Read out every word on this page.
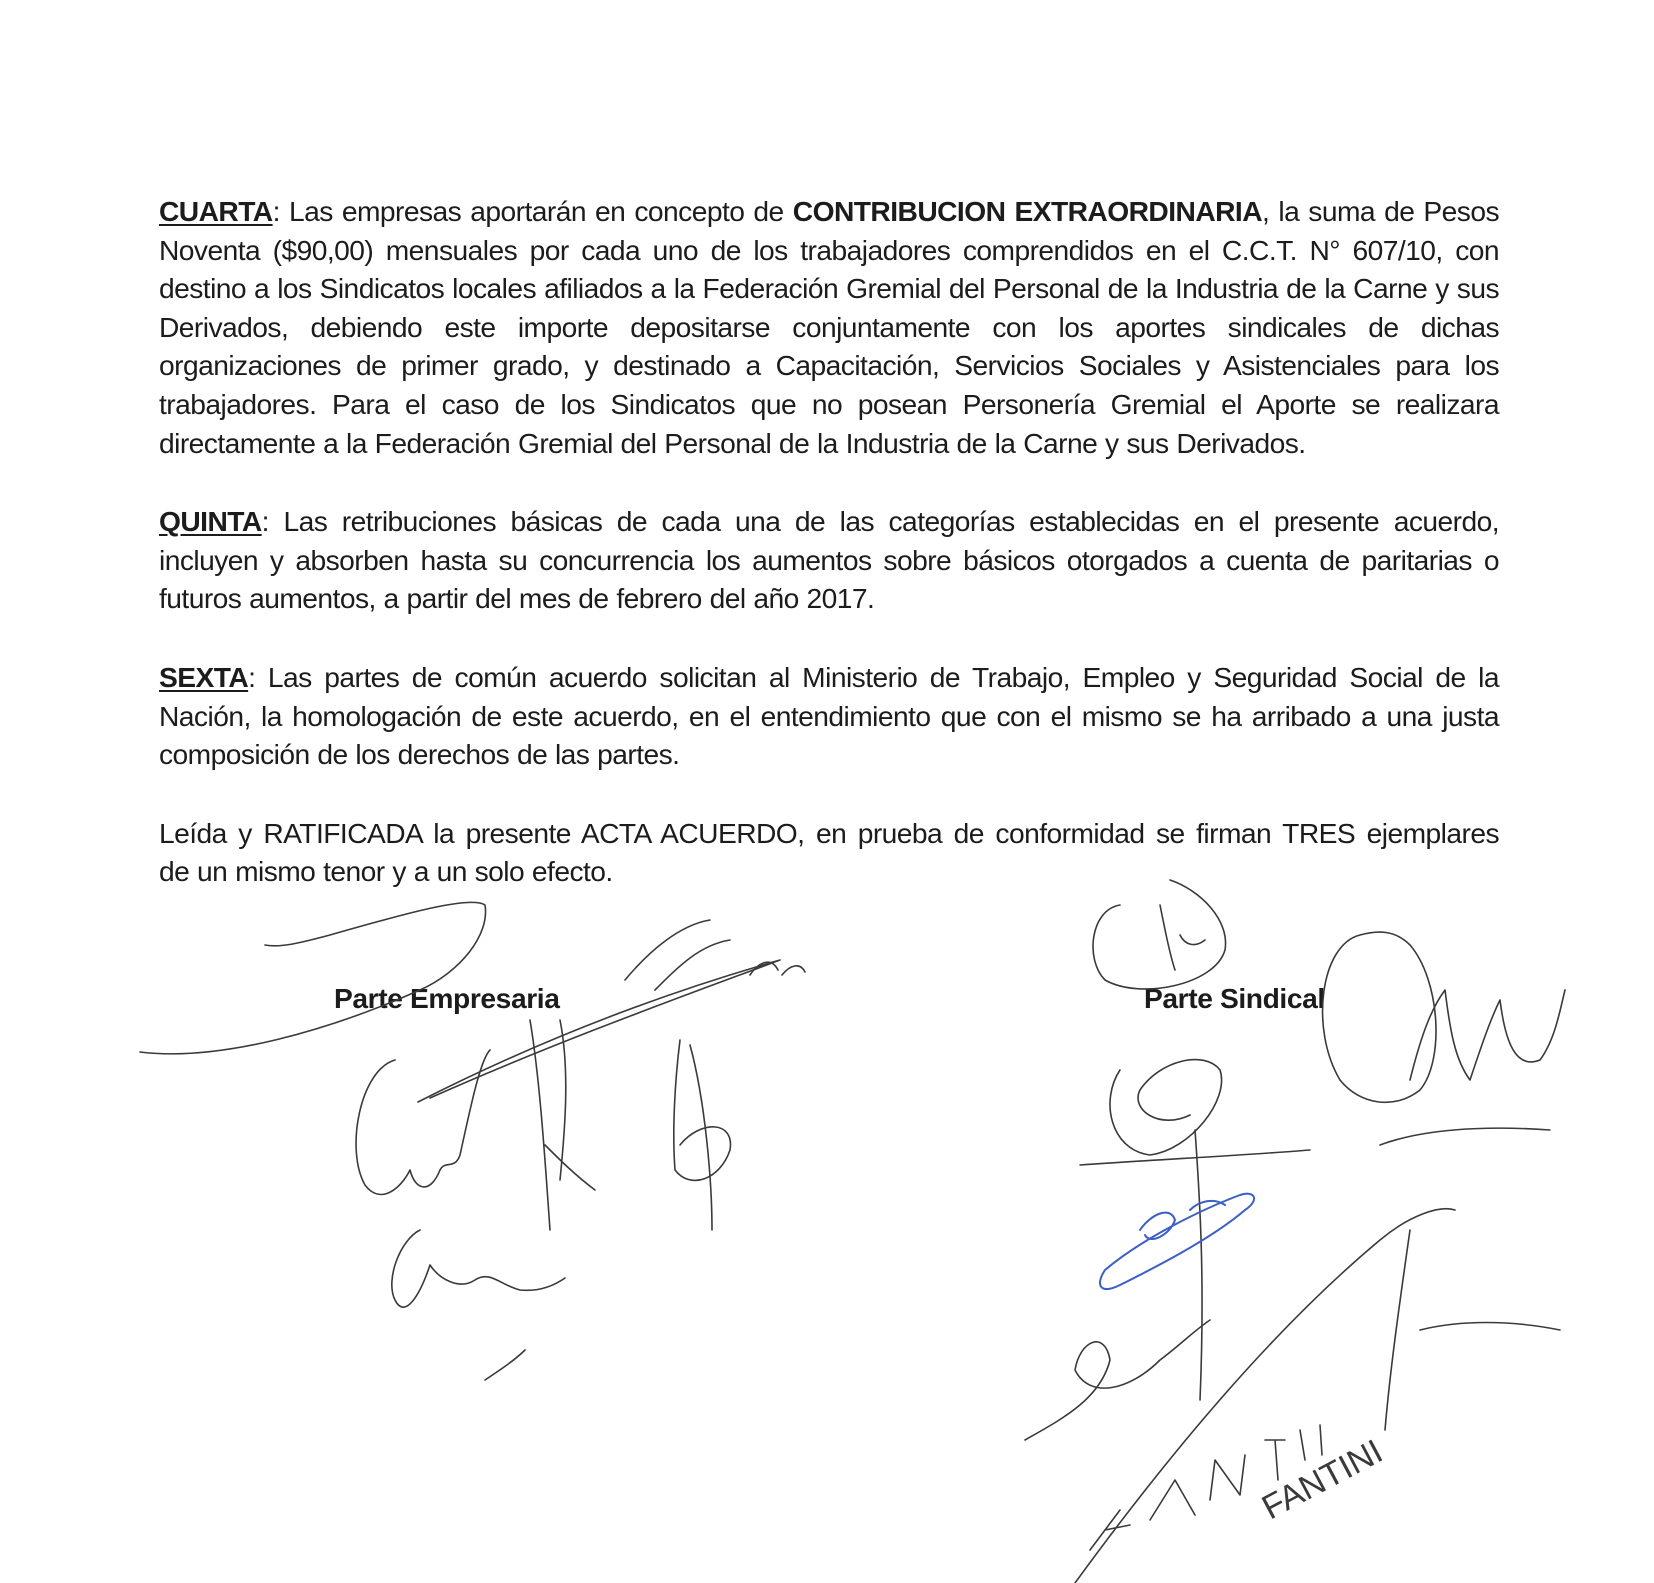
CUARTA: Las empresas aportarán en concepto de CONTRIBUCION EXTRAORDINARIA, la suma de Pesos Noventa ($90,00) mensuales por cada uno de los trabajadores comprendidos en el C.C.T. N° 607/10, con destino a los Sindicatos locales afiliados a la Federación Gremial del Personal de la Industria de la Carne y sus Derivados, debiendo este importe depositarse conjuntamente con los aportes sindicales de dichas organizaciones de primer grado, y destinado a Capacitación, Servicios Sociales y Asistenciales para los trabajadores. Para el caso de los Sindicatos que no posean Personería Gremial el Aporte se realizara directamente a la Federación Gremial del Personal de la Industria de la Carne y sus Derivados.

QUINTA: Las retribuciones básicas de cada una de las categorías establecidas en el presente acuerdo, incluyen y absorben hasta su concurrencia los aumentos sobre básicos otorgados a cuenta de paritarias o futuros aumentos, a partir del mes de febrero del año 2017.

SEXTA: Las partes de común acuerdo solicitan al Ministerio de Trabajo, Empleo y Seguridad Social de la Nación, la homologación de este acuerdo, en el entendimiento que con el mismo se ha arribado a una justa composición de los derechos de las partes.

Leída y RATIFICADA la presente ACTA ACUERDO, en prueba de conformidad se firman TRES ejemplares
de un mismo tenor y a un solo efecto.

Parte Empresaria	Parte Sindical
FANTINI
